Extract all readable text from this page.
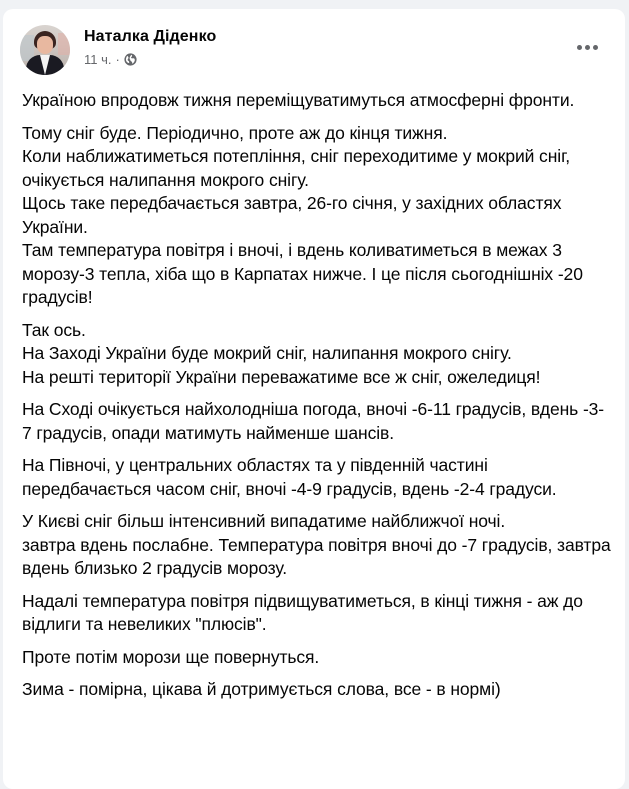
Наталка Діденко
11 ч. ·

Україною впродовж тижня переміщуватимуться атмосферні фронти.

Тому сніг буде. Періодично, проте аж до кінця тижня.
Коли наближатиметься потепління, сніг переходитиме у мокрий сніг, очікується налипання мокрого снігу.
Щось таке передбачається завтра, 26-го січня, у західних областях України.
Там температура повітря і вночі, і вдень коливатиметься в межах 3 морозу-3 тепла, хіба що в Карпатах нижче. І це після сьогоднішніх -20 градусів!

Так ось.
На Заході України буде мокрий сніг, налипання мокрого снігу.
На решті території України переважатиме все ж сніг, ожеледиця!

На Сході очікується найхолодніша погода, вночі -6-11 градусів, вдень -3-7 градусів, опади матимуть найменше шансів.

На Півночі, у центральних областях та у південній частині передбачається часом сніг, вночі -4-9 градусів, вдень -2-4 градуси.

У Києві сніг більш інтенсивний випадатиме найближчої ночі.
завтра вдень послабне. Температура повітря вночі до -7 градусів, завтра вдень близько 2 градусів морозу.

Надалі температура повітря підвищуватиметься, в кінці тижня - аж до відлиги та невеликих "плюсів".

Проте потім морози ще повернуться.

Зима - помірна, цікава й дотримується слова, все - в нормі)
